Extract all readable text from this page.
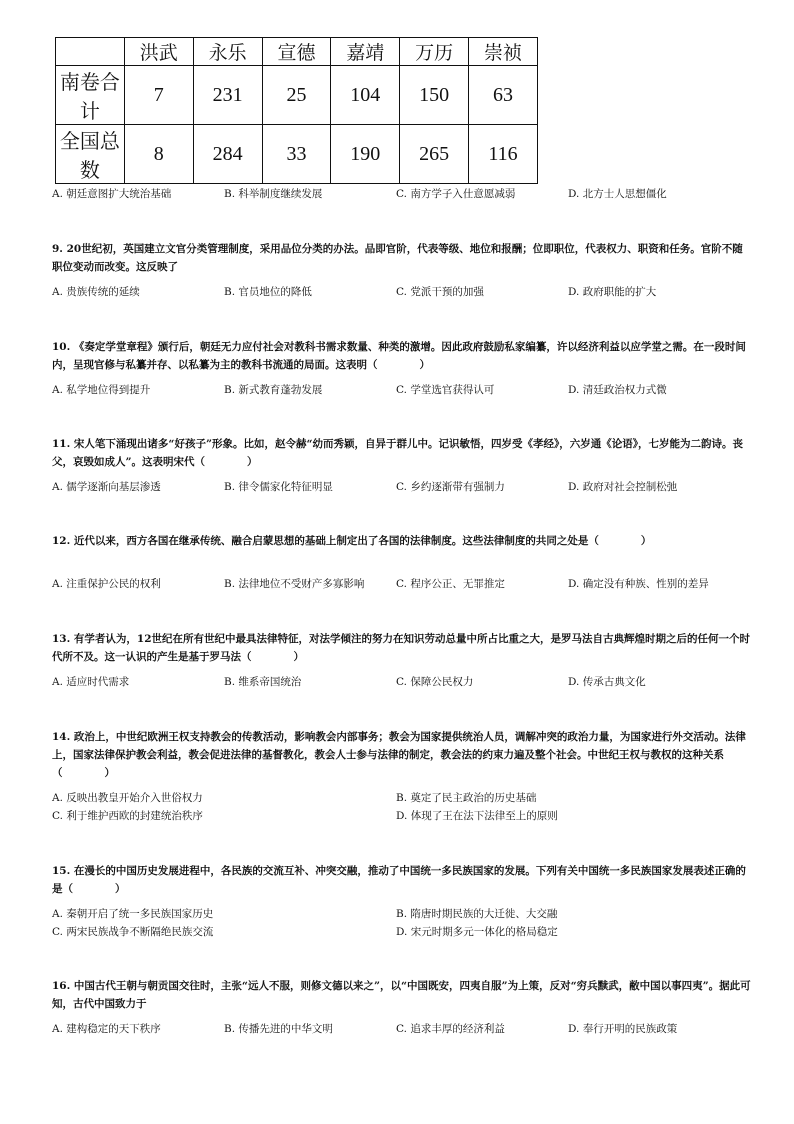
	洪武	永乐	宣德	嘉靖	万历	崇祯
南卷合计	7	231	25	104	150	63
全国总数	8	284	33	190	265	116
A. 朝廷意图扩大统治基础	B. 科举制度继续发展	C. 南方学子入仕意愿减弱	D. 北方士人思想僵化
9. 20世纪初，英国建立文官分类管理制度，采用品位分类的办法。品即官阶，代表等级、地位和报酬；位即职位，代表权力、职资和任务。官阶不随职位变动而改变。这反映了
A. 贵族传统的延续	B. 官员地位的降低	C. 党派干预的加强	D. 政府职能的扩大
10. 《奏定学堂章程》颁行后，朝廷无力应付社会对教科书需求数量、种类的激增。因此政府鼓励私家编纂，许以经济利益以应学堂之需。在一段时间内，呈现官修与私纂并存、以私纂为主的教科书流通的局面。这表明（　　　　）
A. 私学地位得到提升	B. 新式教育蓬勃发展	C. 学堂选官获得认可	D. 清廷政治权力式微
11. 宋人笔下涌现出诸多“好孩子”形象。比如，赵令赫“幼而秀颖，自异于群儿中。记识敏悟，四岁受《孝经》，六岁通《论语》，七岁能为二韵诗。丧父，哀毁如成人”。这表明宋代（　　　　）
A. 儒学逐渐向基层渗透	B. 律令儒家化特征明显	C. 乡约逐渐带有强制力	D. 政府对社会控制松弛
12. 近代以来，西方各国在继承传统、融合启蒙思想的基础上制定出了各国的法律制度。这些法律制度的共同之处是（　　　　）
A. 注重保护公民的权利	B. 法律地位不受财产多寡影响	C. 程序公正、无罪推定	D. 确定没有种族、性别的差异
13. 有学者认为，12世纪在所有世纪中最具法律特征，对法学倾注的努力在知识劳动总量中所占比重之大，是罗马法自古典辉煌时期之后的任何一个时代所不及。这一认识的产生是基于罗马法（　　　　）
A. 适应时代需求	B. 维系帝国统治	C. 保障公民权力	D. 传承古典文化
14. 政治上，中世纪欧洲王权支持教会的传教活动，影响教会内部事务；教会为国家提供统治人员，调解冲突的政治力量，为国家进行外交活动。法律上，国家法律保护教会利益，教会促进法律的基督教化，教会人士参与法律的制定，教会法的约束力遍及整个社会。中世纪王权与教权的这种关系（　　　　）
A. 反映出教皇开始介入世俗权力	B. 奠定了民主政治的历史基础
C. 利于维护西欧的封建统治秩序	D. 体现了王在法下法律至上的原则
15. 在漫长的中国历史发展进程中，各民族的交流互补、冲突交融，推动了中国统一多民族国家的发展。下列有关中国统一多民族国家发展表述正确的是（　　　　）
A. 秦朝开启了统一多民族国家历史	B. 隋唐时期民族的大迁徙、大交融
C. 两宋民族战争不断隔绝民族交流	D. 宋元时期多元一体化的格局稳定
16. 中国古代王朝与朝贡国交往时，主张“远人不服，则修文德以来之”，以“中国既安，四夷自服”为上策，反对“穷兵黩武，敝中国以事四夷”。据此可知，古代中国致力于
A. 建构稳定的天下秩序	B. 传播先进的中华文明	C. 追求丰厚的经济利益	D. 奉行开明的民族政策
